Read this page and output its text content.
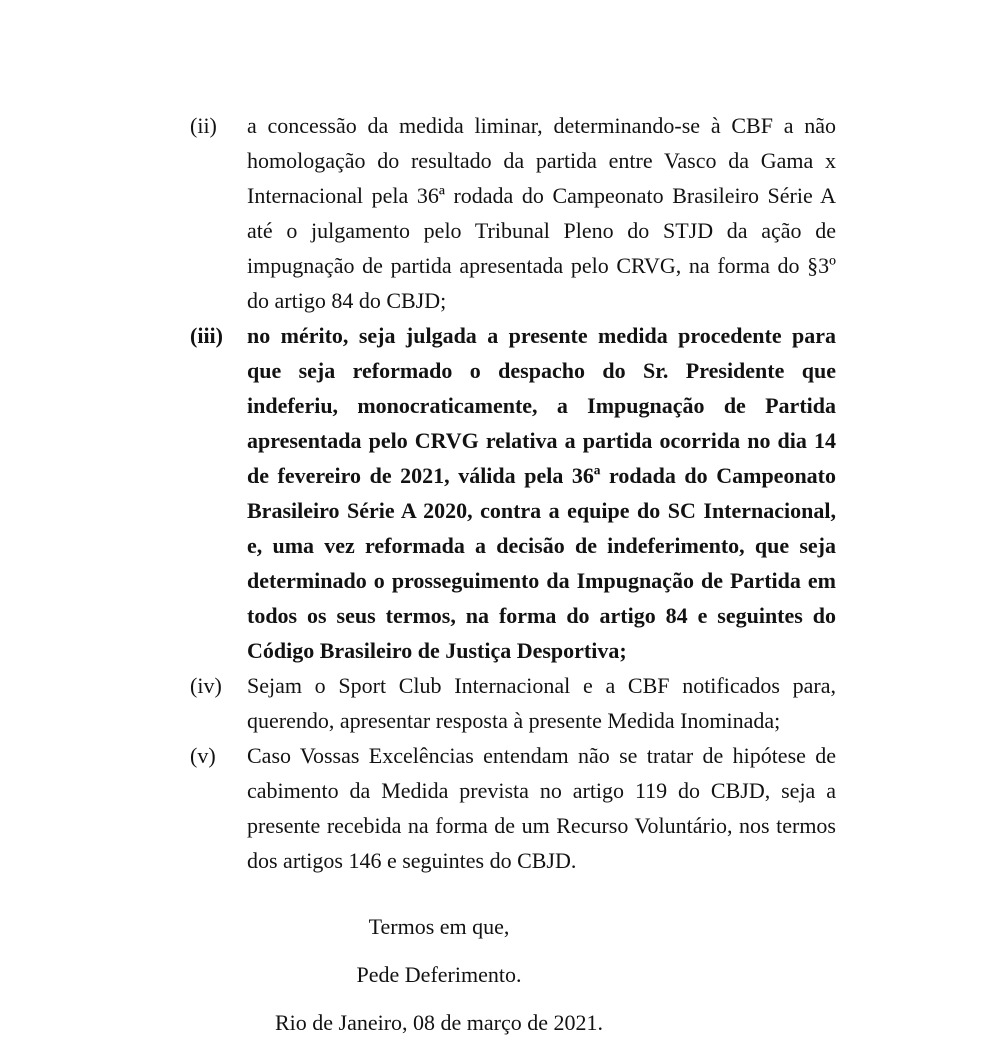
(ii)	a concessão da medida liminar, determinando-se à CBF a não homologação do resultado da partida entre Vasco da Gama x Internacional pela 36ª rodada do Campeonato Brasileiro Série A até o julgamento pelo Tribunal Pleno do STJD da ação de impugnação de partida apresentada pelo CRVG, na forma do §3º do artigo 84 do CBJD;
(iii)	no mérito, seja julgada a presente medida procedente para que seja reformado o despacho do Sr. Presidente que indeferiu, monocraticamente, a Impugnação de Partida apresentada pelo CRVG relativa a partida ocorrida no dia 14 de fevereiro de 2021, válida pela 36ª rodada do Campeonato Brasileiro Série A 2020, contra a equipe do SC Internacional, e, uma vez reformada a decisão de indeferimento, que seja determinado o prosseguimento da Impugnação de Partida em todos os seus termos, na forma do artigo 84 e seguintes do Código Brasileiro de Justiça Desportiva;
(iv)	Sejam o Sport Club Internacional e a CBF notificados para, querendo, apresentar resposta à presente Medida Inominada;
(v)	Caso Vossas Excelências entendam não se tratar de hipótese de cabimento da Medida prevista no artigo 119 do CBJD, seja a presente recebida na forma de um Recurso Voluntário, nos termos dos artigos 146 e seguintes do CBJD.
Termos em que,
Pede Deferimento.
Rio de Janeiro, 08 de março de 2021.
